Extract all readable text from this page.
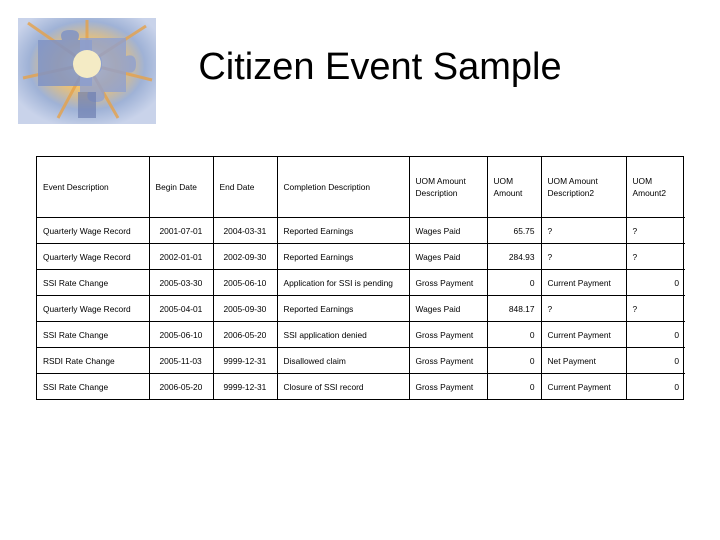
Citizen Event Sample
Event Description	Begin Date	End Date	Completion Description	UOM Amount Description	UOM Amount	UOM Amount Description2	UOM Amount2
Quarterly Wage Record	2001-07-01	2004-03-31	Reported Earnings	Wages Paid	65.75	?	?
Quarterly Wage Record	2002-01-01	2002-09-30	Reported Earnings	Wages Paid	284.93	?	?
SSI Rate Change	2005-03-30	2005-06-10	Application for SSI is pending	Gross Payment	0	Current Payment	0
Quarterly Wage Record	2005-04-01	2005-09-30	Reported Earnings	Wages Paid	848.17	?	?
SSI Rate Change	2005-06-10	2006-05-20	SSI application denied	Gross Payment	0	Current Payment	0
RSDI Rate Change	2005-11-03	9999-12-31	Disallowed claim	Gross Payment	0	Net Payment	0
SSI Rate Change	2006-05-20	9999-12-31	Closure of SSI record	Gross Payment	0	Current Payment	0
